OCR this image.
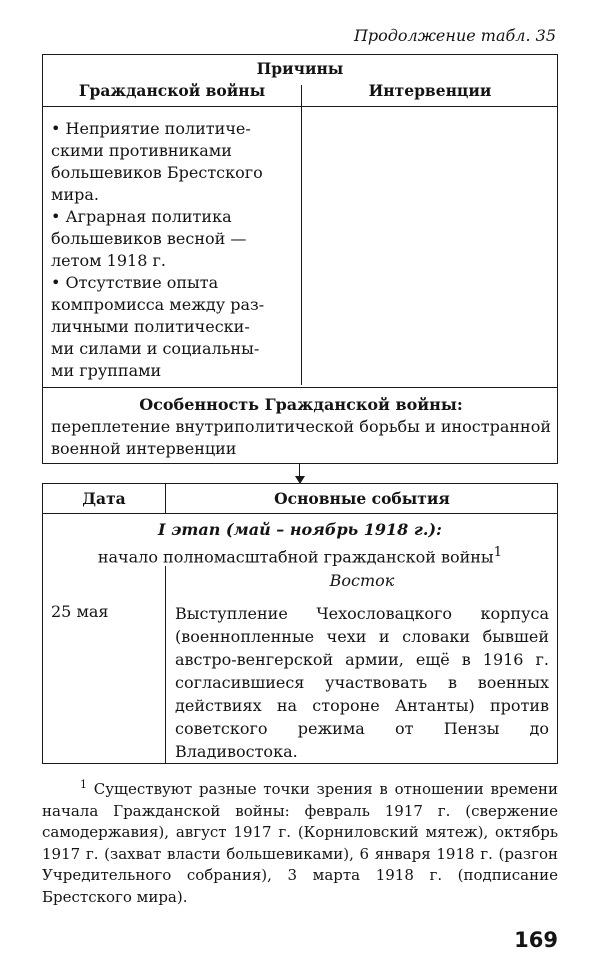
Продолжение табл. 35
Причины
Гражданской войны	Интервенции
• Неприятие политиче-
скими противниками
большевиков Брестского
мира.
• Аграрная политика
большевиков весной —
летом 1918 г.
• Отсутствие опыта
компромисса между раз-
личными политически-
ми силами и социальны-
ми группами
Особенность Гражданской войны:
переплетение внутриполитической борьбы и иностранной военной интервенции
Дата	Основные события
I этап (май – ноябрь 1918 г.):
начало полномасштабной гражданской войны$^1$
Восток
25 мая	Выступление Чехословацкого корпуса (военнопленные чехи и словаки бывшей австро-венгерской армии, ещё в 1916 г. согласившиеся участвовать в военных действиях на стороне Антанты) против советского режима от Пензы до Владивостока.
$^1$ Существуют разные точки зрения в отношении времени начала Гражданской войны: февраль 1917 г. (свержение самодержавия), август 1917 г. (Корниловский мятеж), октябрь 1917 г. (захват власти большевиками), 6 января 1918 г. (разгон Учредительного собрания), 3 марта 1918 г. (подписание Брестского мира).
169
